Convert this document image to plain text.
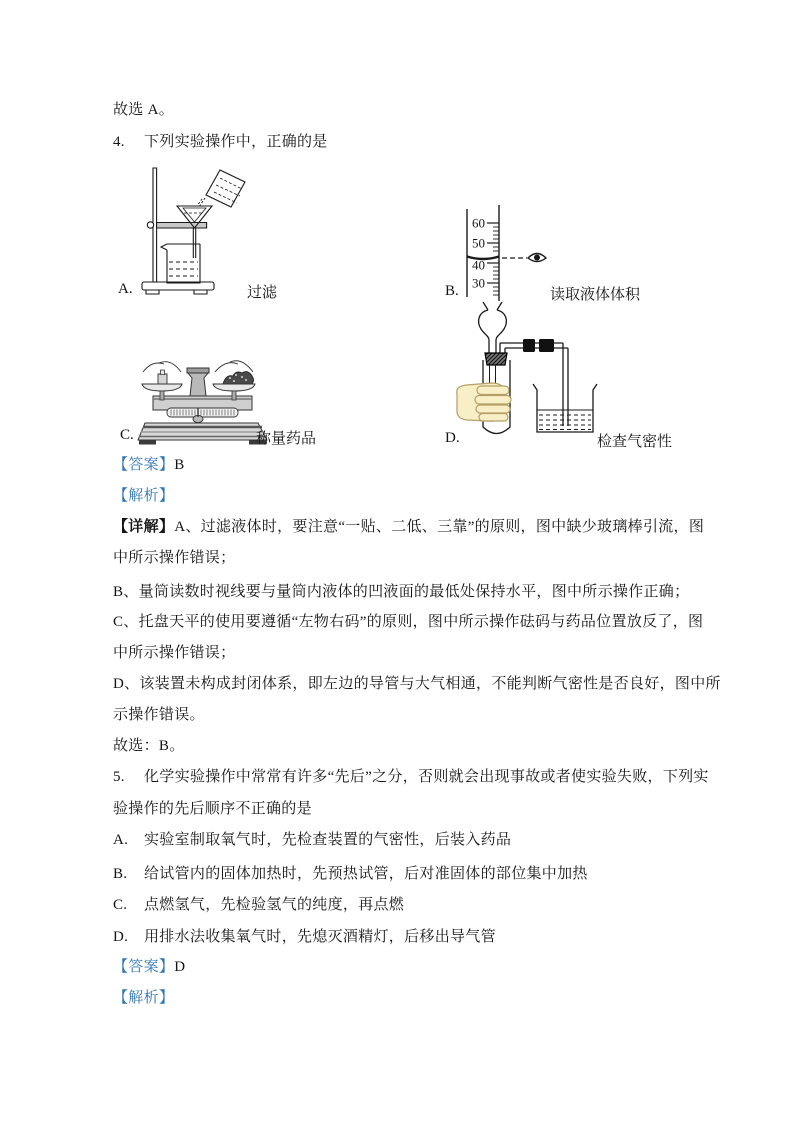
故选 A。
4. 下列实验操作中，正确的是
60
50
40
30
A.	过滤	B.	读取液体体积
C.	称量药品	D.	检查气密性
【答案】B
【解析】
【详解】A、过滤液体时，要注意“一贴、二低、三靠”的原则，图中缺少玻璃棒引流，图
中所示操作错误；
B、量筒读数时视线要与量筒内液体的凹液面的最低处保持水平，图中所示操作正确；
C、托盘天平的使用要遵循“左物右码”的原则，图中所示操作砝码与药品位置放反了，图
中所示操作错误；
D、该装置未构成封闭体系，即左边的导管与大气相通，不能判断气密性是否良好，图中所
示操作错误。
故选：B。
5. 化学实验操作中常常有许多“先后”之分，否则就会出现事故或者使实验失败，下列实
验操作的先后顺序不正确的是
A. 实验室制取氧气时，先检查装置的气密性，后装入药品
B. 给试管内的固体加热时，先预热试管，后对准固体的部位集中加热
C. 点燃氢气，先检验氢气的纯度，再点燃
D. 用排水法收集氧气时，先熄灭酒精灯，后移出导气管
【答案】D
【解析】
